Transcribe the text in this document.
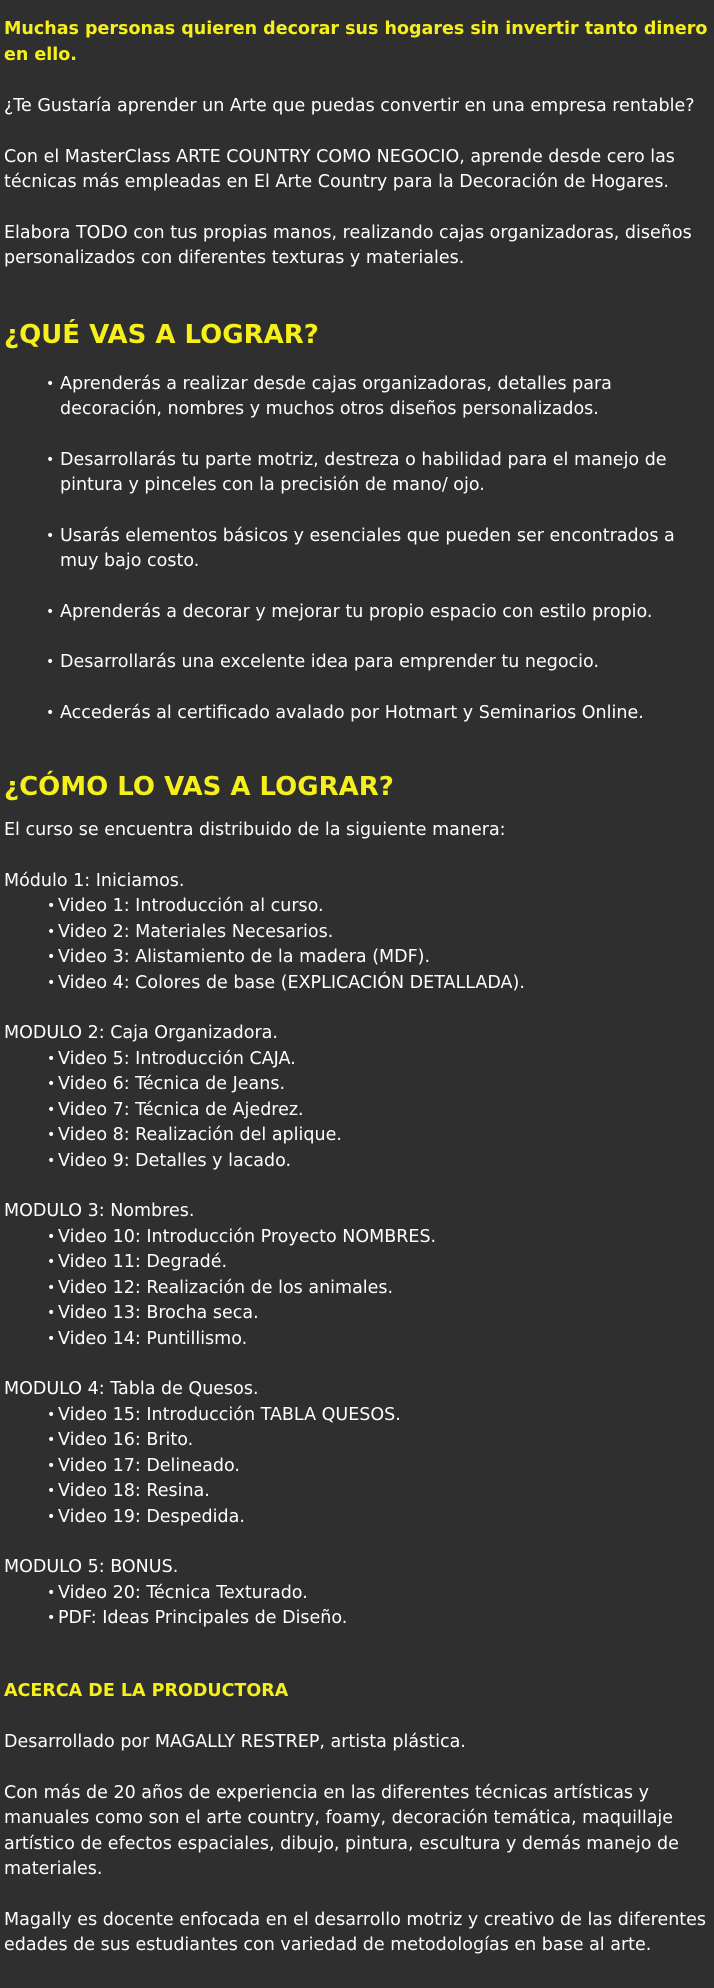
Muchas personas quieren decorar sus hogares sin invertir tanto dinero en ello.

¿Te Gustaría aprender un Arte que puedas convertir en una empresa rentable?

Con el MasterClass ARTE COUNTRY COMO NEGOCIO, aprende desde cero las técnicas más empleadas en El Arte Country para la Decoración de Hogares.

Elabora TODO con tus propias manos, realizando cajas organizadoras, diseños personalizados con diferentes texturas y materiales.

¿QUÉ VAS A LOGRAR?
• Aprenderás a realizar desde cajas organizadoras, detalles para decoración, nombres y muchos otros diseños personalizados.
• Desarrollarás tu parte motriz, destreza o habilidad para el manejo de pintura y pinceles con la precisión de mano/ ojo.
• Usarás elementos básicos y esenciales que pueden ser encontrados a muy bajo costo.
• Aprenderás a decorar y mejorar tu propio espacio con estilo propio.
• Desarrollarás una excelente idea para emprender tu negocio.
• Accederás al certificado avalado por Hotmart y Seminarios Online.
¿CÓMO LO VAS A LOGRAR?

El curso se encuentra distribuido de la siguiente manera:

Módulo 1: Iniciamos.

• Video 1: Introducción al curso.
• Video 2: Materiales Necesarios.
• Video 3: Alistamiento de la madera (MDF).
• Video 4: Colores de base (EXPLICACIÓN DETALLADA).

MODULO 2: Caja Organizadora.

• Video 5: Introducción CAJA.
• Video 6: Técnica de Jeans.
• Video 7: Técnica de Ajedrez.
• Video 8: Realización del aplique.
• Video 9: Detalles y lacado.

MODULO 3: Nombres.

• Video 10: Introducción Proyecto NOMBRES.
• Video 11: Degradé.
• Video 12: Realización de los animales.
• Video 13: Brocha seca.
• Video 14: Puntillismo.

MODULO 4: Tabla de Quesos.

• Video 15: Introducción TABLA QUESOS.
• Video 16: Brito.
• Video 17: Delineado.
• Video 18: Resina.
• Video 19: Despedida.

MODULO 5: BONUS.

• Video 20: Técnica Texturado.
• PDF: Ideas Principales de Diseño.
ACERCA DE LA PRODUCTORA

Desarrollado por MAGALLY RESTREP, artista plástica.

Con más de 20 años de experiencia en las diferentes técnicas artísticas y manuales como son el arte country, foamy, decoración temática, maquillaje artístico de efectos espaciales, dibujo, pintura, escultura y demás manejo de materiales.

Magally es docente enfocada en el desarrollo motriz y creativo de las diferentes edades de sus estudiantes con variedad de metodologías en base al arte.
